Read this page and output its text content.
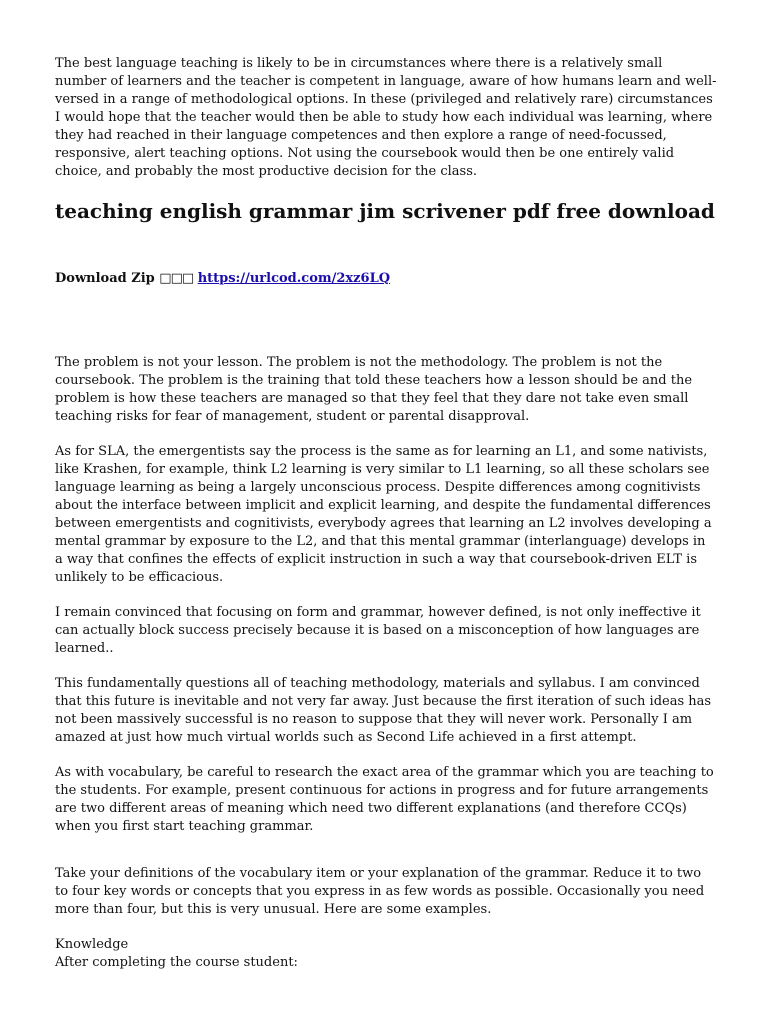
The best language teaching is likely to be in circumstances where there is a relatively small number of learners and the teacher is competent in language, aware of how humans learn and well-versed in a range of methodological options. In these (privileged and relatively rare) circumstances I would hope that the teacher would then be able to study how each individual was learning, where they had reached in their language competences and then explore a range of need-focussed, responsive, alert teaching options. Not using the coursebook would then be one entirely valid choice, and probably the most productive decision for the class.

teaching english grammar jim scrivener pdf free download
Download Zip □□□ https://urlcod.com/2xz6LQ

The problem is not your lesson. The problem is not the methodology. The problem is not the coursebook. The problem is the training that told these teachers how a lesson should be and the problem is how these teachers are managed so that they feel that they dare not take even small teaching risks for fear of management, student or parental disapproval.

As for SLA, the emergentists say the process is the same as for learning an L1, and some nativists, like Krashen, for example, think L2 learning is very similar to L1 learning, so all these scholars see language learning as being a largely unconscious process. Despite differences among cognitivists about the interface between implicit and explicit learning, and despite the fundamental differences between emergentists and cognitivists, everybody agrees that learning an L2 involves developing a mental grammar by exposure to the L2, and that this mental grammar (interlanguage) develops in a way that confines the effects of explicit instruction in such a way that coursebook-driven ELT is unlikely to be efficacious.

I remain convinced that focusing on form and grammar, however defined, is not only ineffective it can actually block success precisely because it is based on a misconception of how languages are learned..

This fundamentally questions all of teaching methodology, materials and syllabus. I am convinced that this future is inevitable and not very far away. Just because the first iteration of such ideas has not been massively successful is no reason to suppose that they will never work. Personally I am amazed at just how much virtual worlds such as Second Life achieved in a first attempt.

As with vocabulary, be careful to research the exact area of the grammar which you are teaching to the students. For example, present continuous for actions in progress and for future arrangements are two different areas of meaning which need two different explanations (and therefore CCQs) when you first start teaching grammar.

Take your definitions of the vocabulary item or your explanation of the grammar. Reduce it to two to four key words or concepts that you express in as few words as possible. Occasionally you need more than four, but this is very unusual. Here are some examples.

Knowledge

After completing the course student:
